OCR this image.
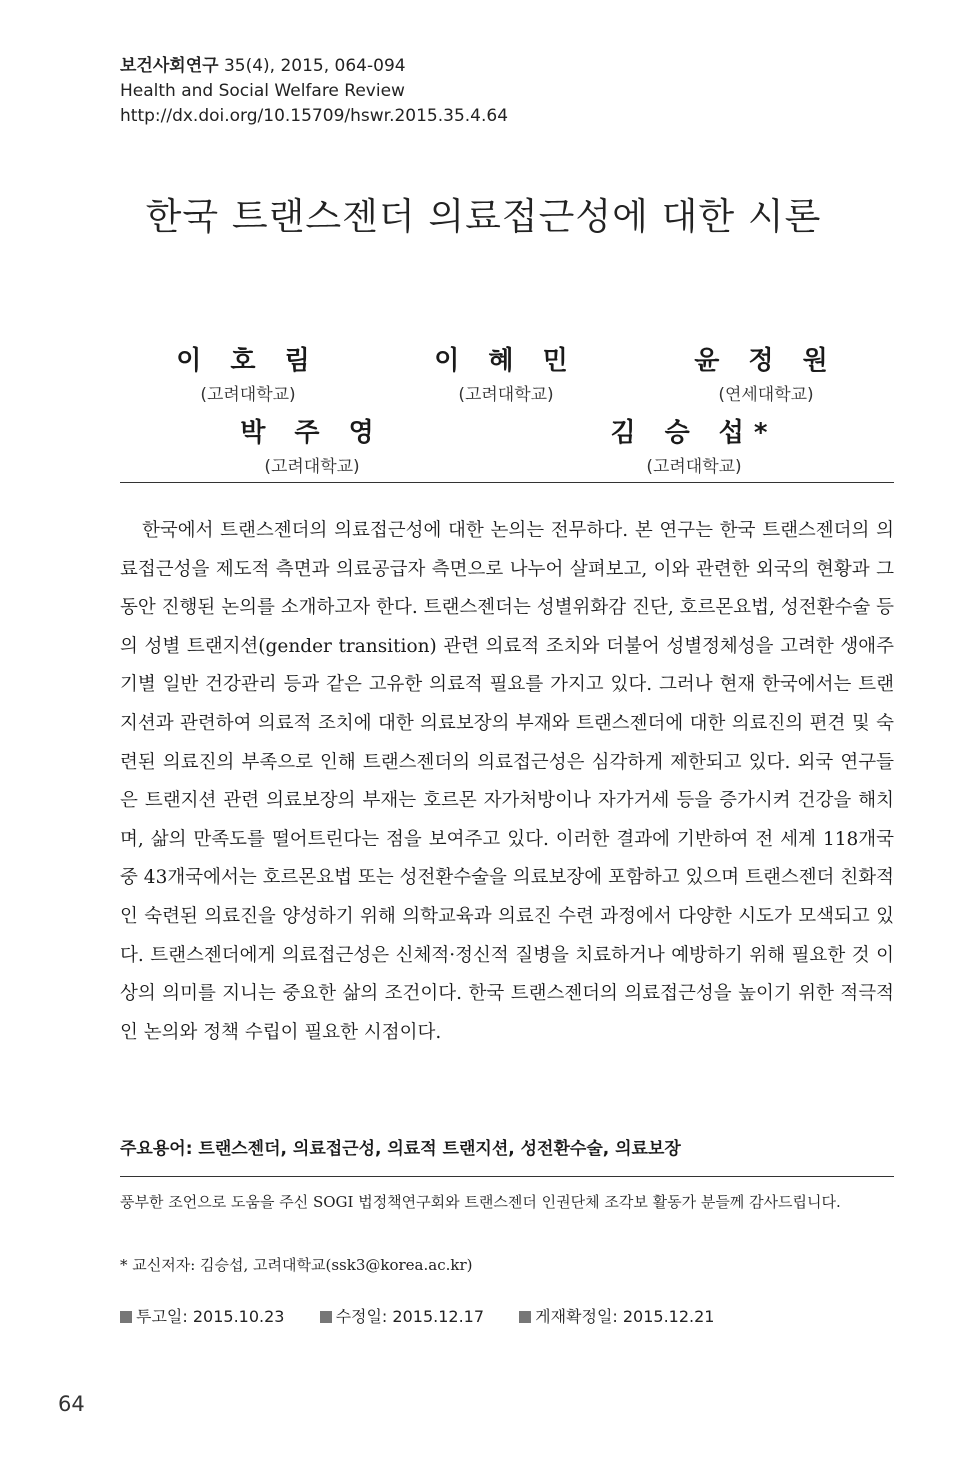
보건사회연구 35(4), 2015, 064-094
Health and Social Welfare Review
http://dx.doi.org/10.15709/hswr.2015.35.4.64
한국 트랜스젠더 의료접근성에 대한 시론
이 호 림
(고려대학교)
이 혜 민
(고려대학교)
윤 정 원
(연세대학교)
박 주 영
(고려대학교)
김 승 섭*
(고려대학교)
한국에서 트랜스젠더의 의료접근성에 대한 논의는 전무하다. 본 연구는 한국 트랜스젠더의 의료접근성을 제도적 측면과 의료공급자 측면으로 나누어 살펴보고, 이와 관련한 외국의 현황과 그동안 진행된 논의를 소개하고자 한다. 트랜스젠더는 성별위화감 진단, 호르몬요법, 성전환수술 등의 성별 트랜지션(gender transition) 관련 의료적 조치와 더불어 성별정체성을 고려한 생애주기별 일반 건강관리 등과 같은 고유한 의료적 필요를 가지고 있다. 그러나 현재 한국에서는 트랜지션과 관련하여 의료적 조치에 대한 의료보장의 부재와 트랜스젠더에 대한 의료진의 편견 및 숙련된 의료진의 부족으로 인해 트랜스젠더의 의료접근성은 심각하게 제한되고 있다. 외국 연구들은 트랜지션 관련 의료보장의 부재는 호르몬 자가처방이나 자가거세 등을 증가시켜 건강을 해치며, 삶의 만족도를 떨어트린다는 점을 보여주고 있다. 이러한 결과에 기반하여 전 세계 118개국 중 43개국에서는 호르몬요법 또는 성전환수술을 의료보장에 포함하고 있으며 트랜스젠더 친화적인 숙련된 의료진을 양성하기 위해 의학교육과 의료진 수련 과정에서 다양한 시도가 모색되고 있다. 트랜스젠더에게 의료접근성은 신체적·정신적 질병을 치료하거나 예방하기 위해 필요한 것 이상의 의미를 지니는 중요한 삶의 조건이다. 한국 트랜스젠더의 의료접근성을 높이기 위한 적극적인 논의와 정책 수립이 필요한 시점이다.
주요용어: 트랜스젠더, 의료접근성, 의료적 트랜지션, 성전환수술, 의료보장
풍부한 조언으로 도움을 주신 SOGI 법정책연구회와 트랜스젠더 인권단체 조각보 활동가 분들께 감사드립니다.
* 교신저자: 김승섭, 고려대학교(ssk3@korea.ac.kr)
투고일: 2015.10.23	수정일: 2015.12.17	게재확정일: 2015.12.21
64
